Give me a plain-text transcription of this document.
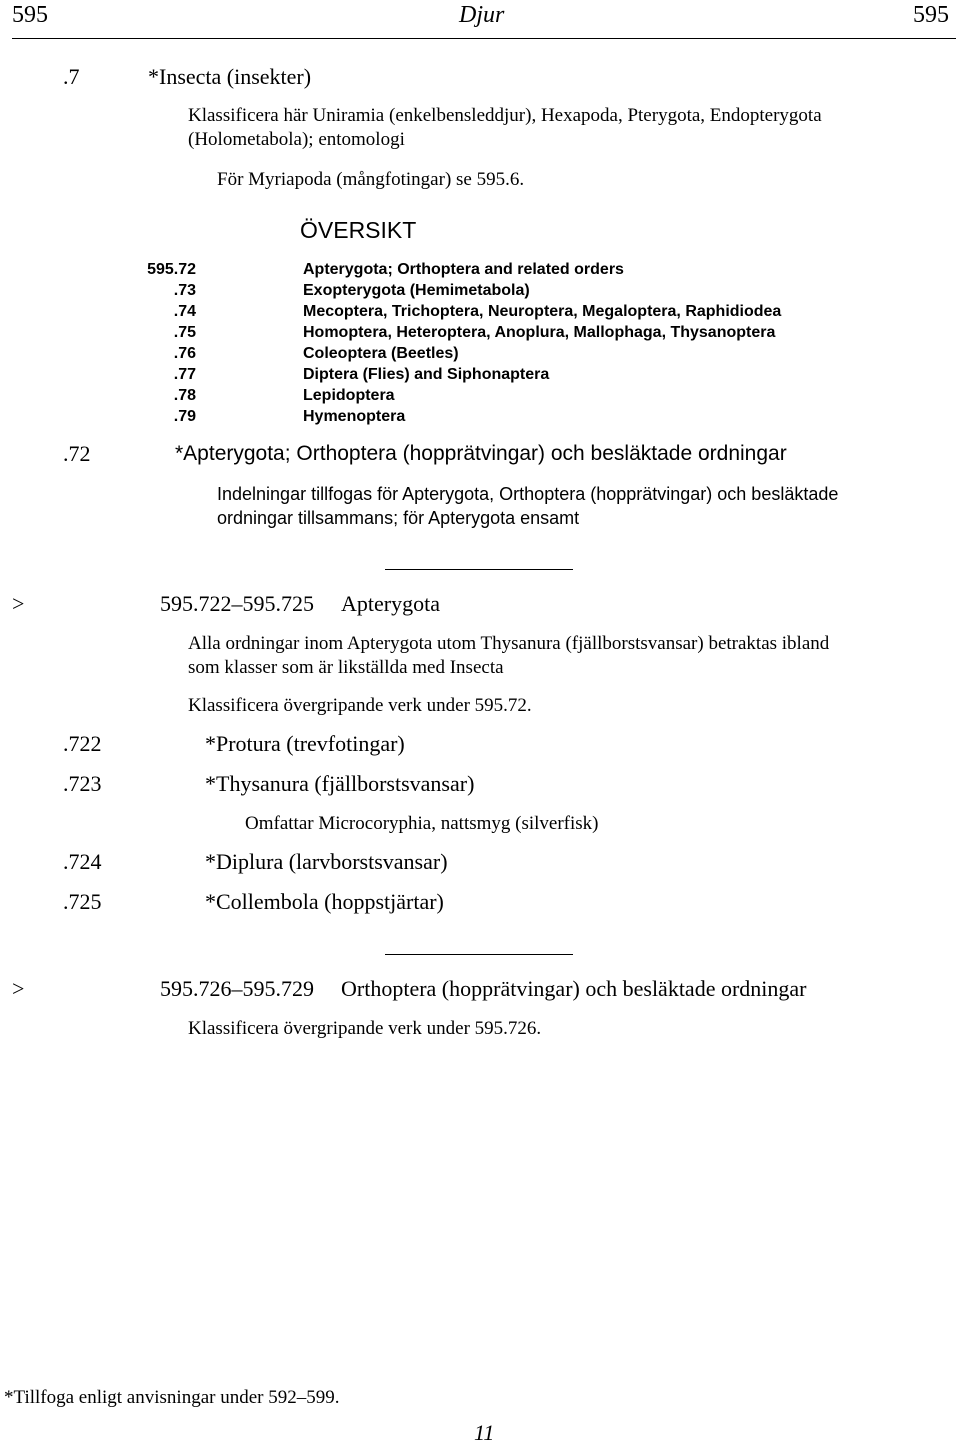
595	Djur	595
.7	*Insecta (insekter)
Klassificera här Uniramia (enkelbensleddjur), Hexapoda, Pterygota, Endopterygota
(Holometabola); entomologi
För Myriapoda (mångfotingar) se 595.6.
ÖVERSIKT
595.72	Apterygota; Orthoptera and related orders
.73	Exopterygota (Hemimetabola)
.74	Mecoptera, Trichoptera, Neuroptera, Megaloptera, Raphidiodea
.75	Homoptera, Heteroptera, Anoplura, Mallophaga, Thysanoptera
.76	Coleoptera (Beetles)
.77	Diptera (Flies) and Siphonaptera
.78	Lepidoptera
.79	Hymenoptera
.72	*Apterygota; Orthoptera (hopprätvingar) och besläktade ordningar
Indelningar tillfogas för Apterygota, Orthoptera (hopprätvingar) och besläktade
ordningar tillsammans; för Apterygota ensamt
>	595.722–595.725 Apterygota
Alla ordningar inom Apterygota utom Thysanura (fjällborstsvansar) betraktas ibland
som klasser som är likställda med Insecta
Klassificera övergripande verk under 595.72.
.722	*Protura (trevfotingar)
.723	*Thysanura (fjällborstsvansar)
Omfattar Microcoryphia, nattsmyg (silverfisk)
.724	*Diplura (larvborstsvansar)
.725	*Collembola (hoppstjärtar)
>	595.726–595.729 Orthoptera (hopprätvingar) och besläktade ordningar
Klassificera övergripande verk under 595.726.
*Tillfoga enligt anvisningar under 592–599.
11
